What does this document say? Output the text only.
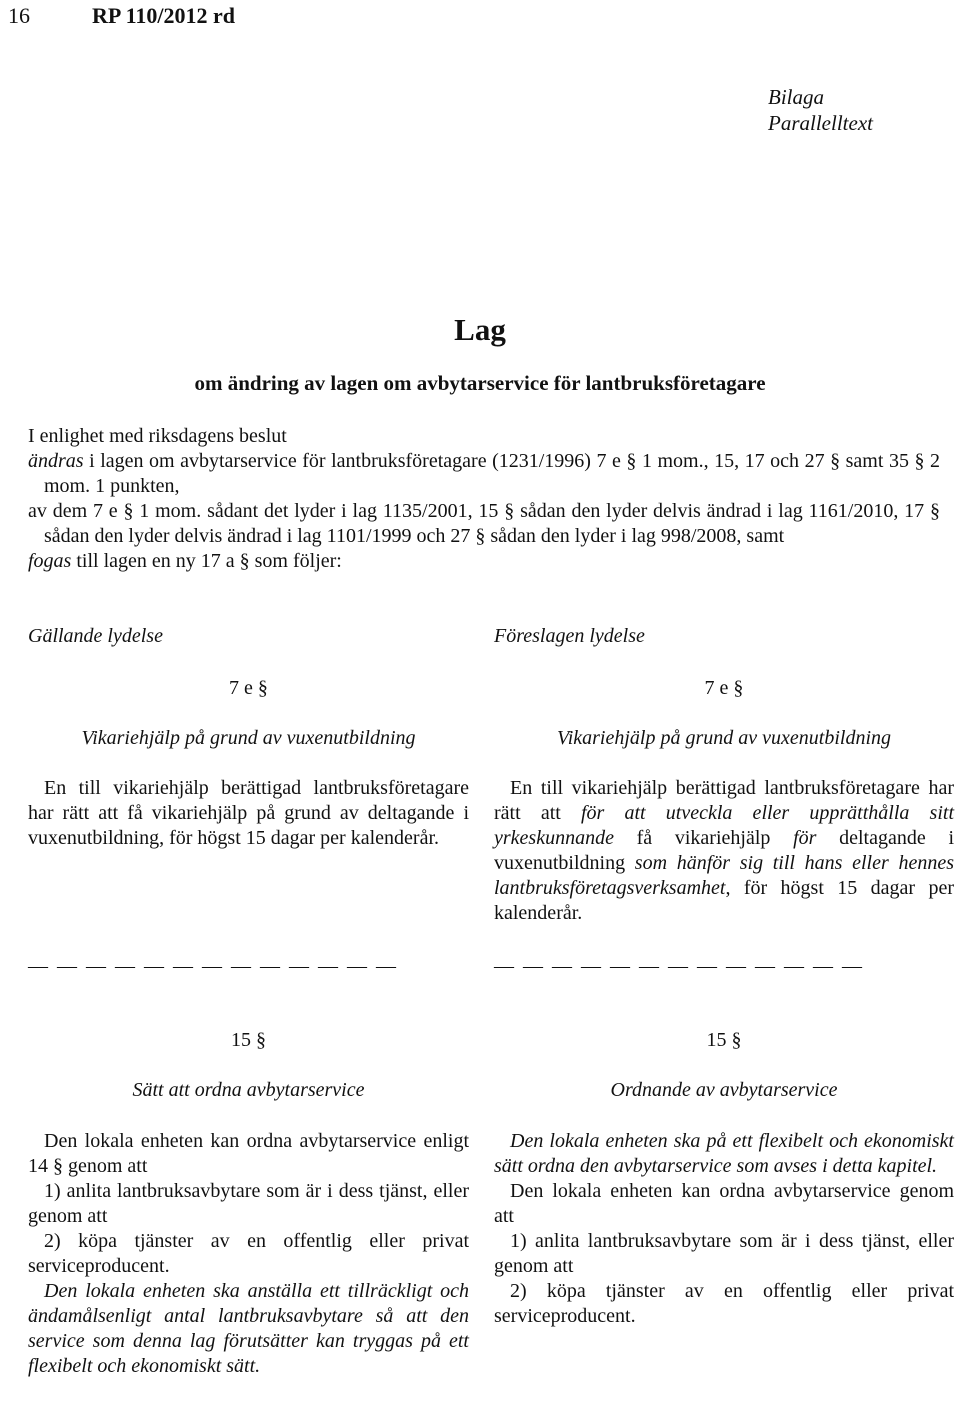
16	RP 110/2012 rd
Bilaga
Parallelltext
Lag
om ändring av lagen om avbytarservice för lantbruksföretagare

I enlighet med riksdagens beslut

ändras i lagen om avbytarservice för lantbruksföretagare (1231/1996) 7 e § 1 mom., 15, 17 och 27 § samt 35 § 2 mom. 1 punkten,

av dem 7 e § 1 mom. sådant det lyder i lag 1135/2001, 15 § sådan den lyder delvis ändrad i lag 1161/2010, 17 § sådan den lyder delvis ändrad i lag 1101/1999 och 27 § sådan den lyder i lag 998/2008, samt

fogas till lagen en ny 17 a § som följer:

Gällande lydelse
7 e §
Vikariehjälp på grund av vuxenutbildning

En till vikariehjälp berättigad lantbruksföretagare har rätt att få vikariehjälp på grund av deltagande i vuxenutbildning, för högst 15 dagar per kalenderår.

— — — — — — — — — — — — —
15 §
Sätt att ordna avbytarservice

Den lokala enheten kan ordna avbytarservice enligt 14 § genom att

1) anlita lantbruksavbytare som är i dess tjänst, eller genom att

2) köpa tjänster av en offentlig eller privat serviceproducent.

Den lokala enheten ska anställa ett tillräckligt och ändamålsenligt antal lantbruksavbytare så att den service som denna lag förutsätter kan tryggas på ett flexibelt och ekonomiskt sätt.

Föreslagen lydelse
7 e §
Vikariehjälp på grund av vuxenutbildning

En till vikariehjälp berättigad lantbruksföretagare har rätt att för att utveckla eller upprätthålla sitt yrkeskunnande få vikariehjälp för deltagande i vuxenutbildning som hänför sig till hans eller hennes lantbruksföretagsverksamhet, för högst 15 dagar per kalenderår.

— — — — — — — — — — — — —
15 §
Ordnande av avbytarservice

Den lokala enheten ska på ett flexibelt och ekonomiskt sätt ordna den avbytarservice som avses i detta kapitel.

Den lokala enheten kan ordna avbytarservice genom att

1) anlita lantbruksavbytare som är i dess tjänst, eller genom att

2) köpa tjänster av en offentlig eller privat serviceproducent.
